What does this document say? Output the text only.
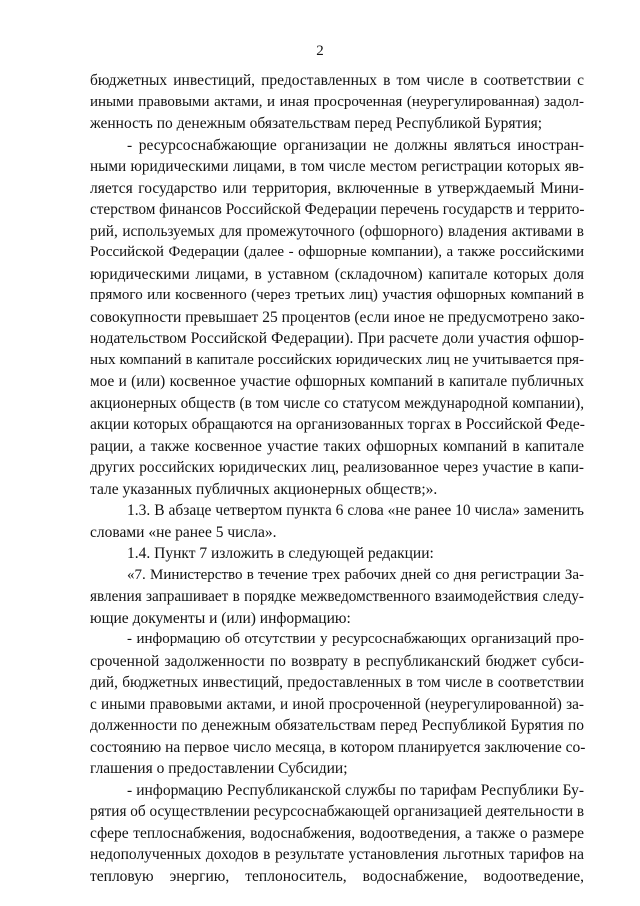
2
бюджетных инвестиций, предоставленных в том числе в соответствии с
иными правовыми актами, и иная просроченная (неурегулированная) задол-
женность по денежным обязательствам перед Республикой Бурятия;
- ресурсоснабжающие организации не должны являться иностран-
ными юридическими лицами, в том числе местом регистрации которых яв-
ляется государство или территория, включенные в утверждаемый Мини-
стерством финансов Российской Федерации перечень государств и террито-
рий, используемых для промежуточного (офшорного) владения активами в
Российской Федерации (далее - офшорные компании), а также российскими
юридическими лицами, в уставном (складочном) капитале которых доля
прямого или косвенного (через третьих лиц) участия офшорных компаний в
совокупности превышает 25 процентов (если иное не предусмотрено зако-
нодательством Российской Федерации). При расчете доли участия офшор-
ных компаний в капитале российских юридических лиц не учитывается пря-
мое и (или) косвенное участие офшорных компаний в капитале публичных
акционерных обществ (в том числе со статусом международной компании),
акции которых обращаются на организованных торгах в Российской Феде-
рации, а также косвенное участие таких офшорных компаний в капитале
других российских юридических лиц, реализованное через участие в капи-
тале указанных публичных акционерных обществ;».
1.3. В абзаце четвертом пункта 6 слова «не ранее 10 числа» заменить
словами «не ранее 5 числа».
1.4. Пункт 7 изложить в следующей редакции:
«7. Министерство в течение трех рабочих дней со дня регистрации За-
явления запрашивает в порядке межведомственного взаимодействия следу-
ющие документы и (или) информацию:
- информацию об отсутствии у ресурсоснабжающих организаций про-
сроченной задолженности по возврату в республиканский бюджет субси-
дий, бюджетных инвестиций, предоставленных в том числе в соответствии
с иными правовыми актами, и иной просроченной (неурегулированной) за-
долженности по денежным обязательствам перед Республикой Бурятия по
состоянию на первое число месяца, в котором планируется заключение со-
глашения о предоставлении Субсидии;
- информацию Республиканской службы по тарифам Республики Бу-
рятия об осуществлении ресурсоснабжающей организацией деятельности в
сфере теплоснабжения, водоснабжения, водоотведения, а также о размере
недополученных доходов в результате установления льготных тарифов на
тепловую энергию, теплоноситель, водоснабжение, водоотведение,
